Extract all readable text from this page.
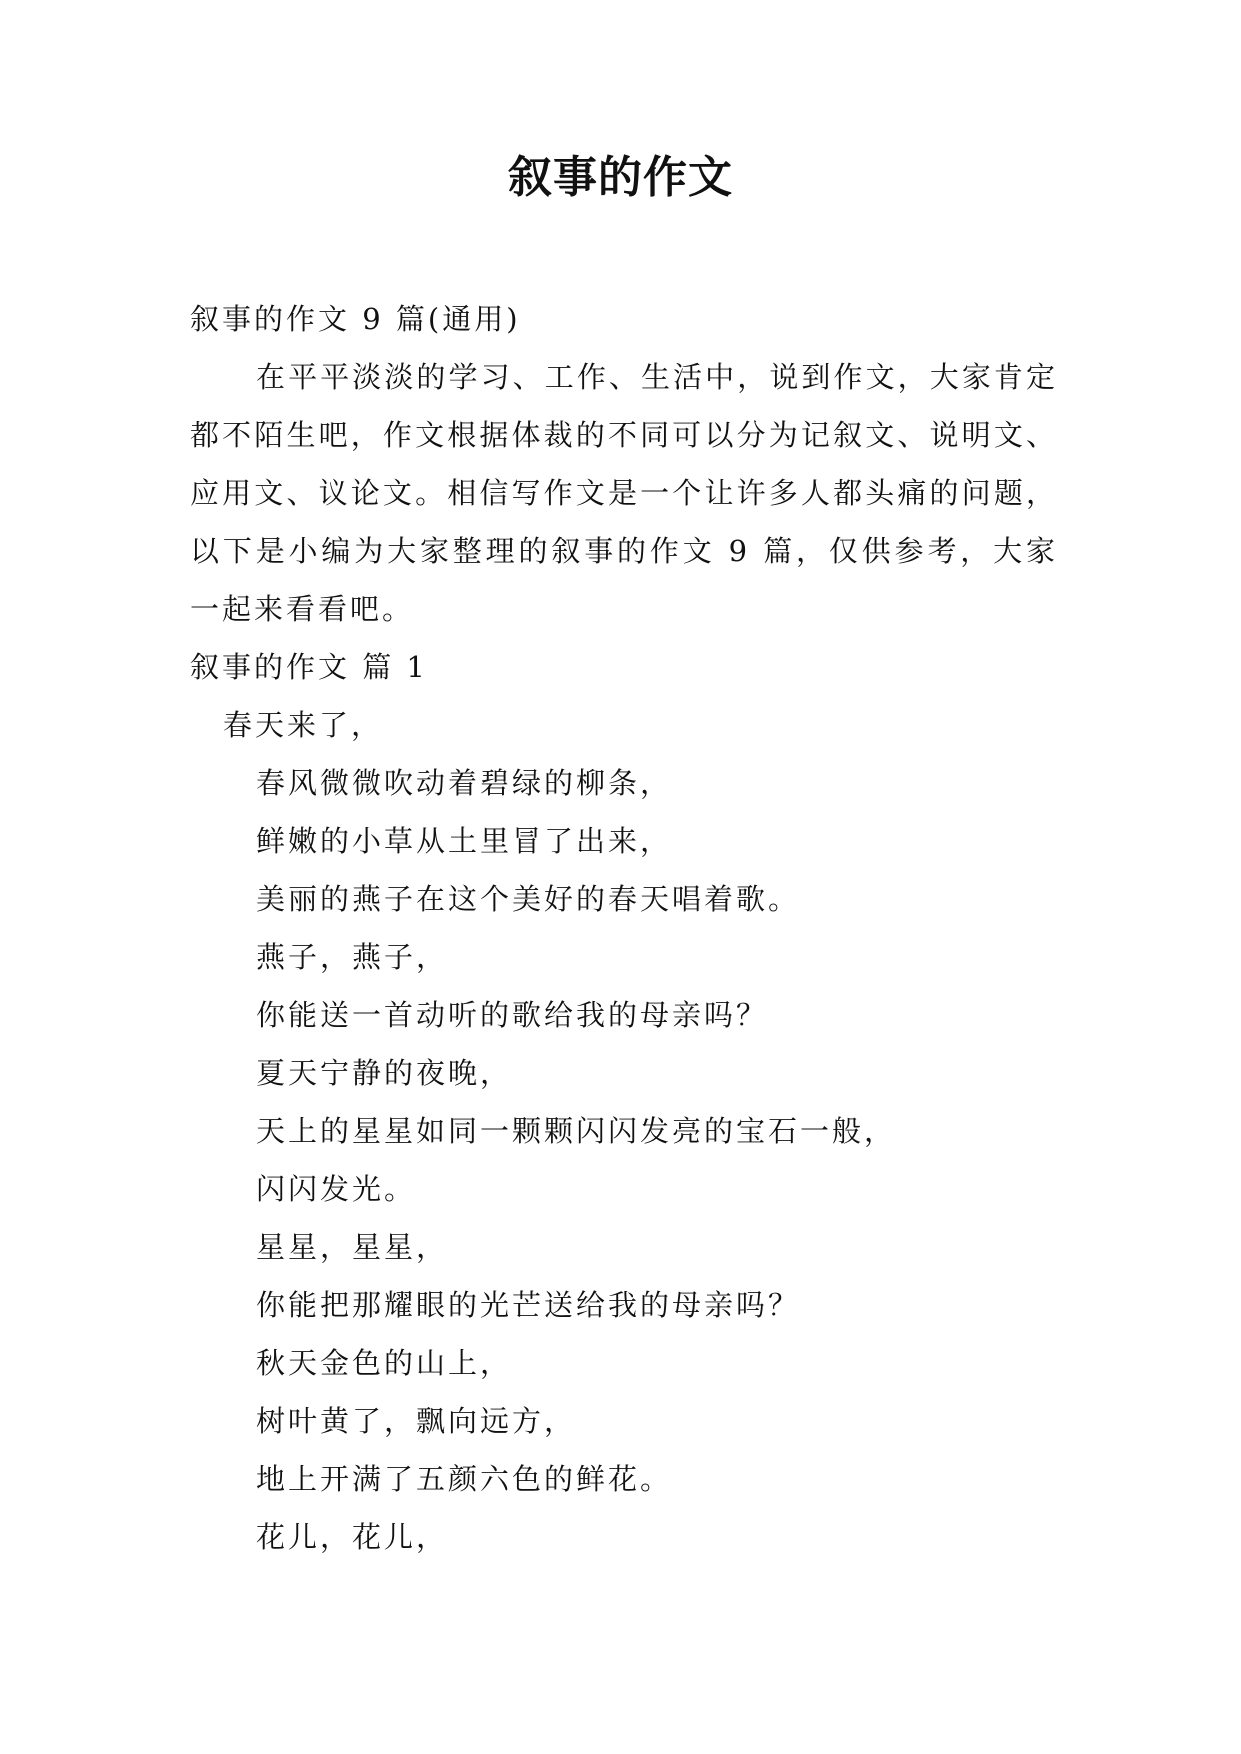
叙事的作文
叙事的作文 9 篇(通用)

在平平淡淡的学习、工作、生活中，说到作文，大家肯定都不陌生吧，作文根据体裁的不同可以分为记叙文、说明文、应用文、议论文。相信写作文是一个让许多人都头痛的问题，以下是小编为大家整理的叙事的作文 9 篇，仅供参考，大家一起来看看吧。

叙事的作文 篇 1
春天来了，
春风微微吹动着碧绿的柳条，
鲜嫩的小草从土里冒了出来，
美丽的燕子在这个美好的春天唱着歌。
燕子，燕子，
你能送一首动听的歌给我的母亲吗？
夏天宁静的夜晚，
天上的星星如同一颗颗闪闪发亮的宝石一般，
闪闪发光。
星星，星星，
你能把那耀眼的光芒送给我的母亲吗？
秋天金色的山上，
树叶黄了，飘向远方，
地上开满了五颜六色的鲜花。
花儿，花儿，
